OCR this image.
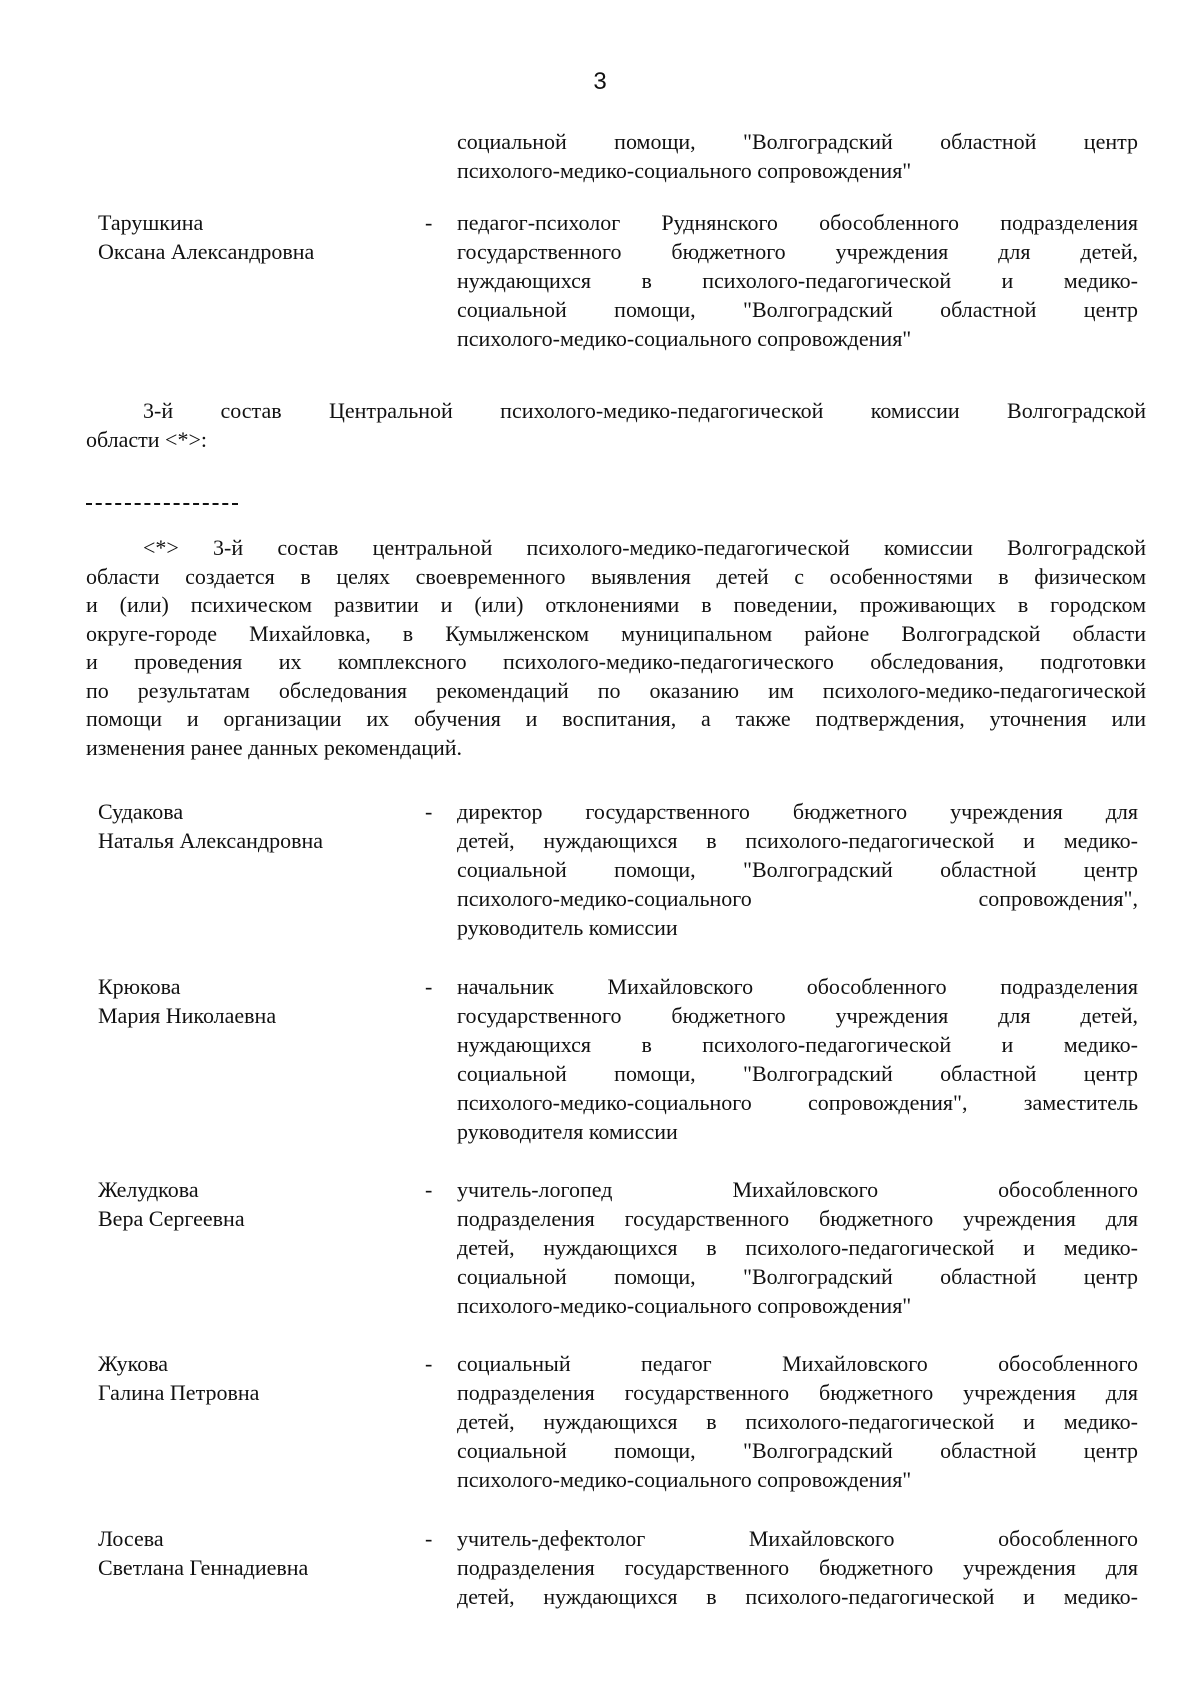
3
социальной помощи, "Волгоградский областной центр
психолого-медико-социального сопровождения"
Тарушкина
Оксана Александровна
- педагог-психолог Руднянского обособленного подразделения
государственного бюджетного учреждения для детей,
нуждающихся в психолого-педагогической и медико-
социальной помощи, "Волгоградский областной центр
психолого-медико-социального сопровождения"
3-й состав Центральной психолого-медико-педагогической комиссии Волгоградской
области <*>:
<*> 3-й состав центральной психолого-медико-педагогической комиссии Волгоградской
области создается в целях своевременного выявления детей с особенностями в физическом
и (или) психическом развитии и (или) отклонениями в поведении, проживающих в городском
округе-городе Михайловка, в Кумылженском муниципальном районе Волгоградской области
и проведения их комплексного психолого-медико-педагогического обследования, подготовки
по результатам обследования рекомендаций по оказанию им психолого-медико-педагогической
помощи и организации их обучения и воспитания, а также подтверждения, уточнения или
изменения ранее данных рекомендаций.
Судакова
Наталья Александровна
- директор государственного бюджетного учреждения для
детей, нуждающихся в психолого-педагогической и медико-
социальной помощи, "Волгоградский областной центр
психолого-медико-социального сопровождения",
руководитель комиссии
Крюкова
Мария Николаевна
- начальник Михайловского обособленного подразделения
государственного бюджетного учреждения для детей,
нуждающихся в психолого-педагогической и медико-
социальной помощи, "Волгоградский областной центр
психолого-медико-социального сопровождения", заместитель
руководителя комиссии
Желудкова
Вера Сергеевна
- учитель-логопед Михайловского обособленного
подразделения государственного бюджетного учреждения для
детей, нуждающихся в психолого-педагогической и медико-
социальной помощи, "Волгоградский областной центр
психолого-медико-социального сопровождения"
Жукова
Галина Петровна
- социальный педагог Михайловского обособленного
подразделения государственного бюджетного учреждения для
детей, нуждающихся в психолого-педагогической и медико-
социальной помощи, "Волгоградский областной центр
психолого-медико-социального сопровождения"
Лосева
Светлана Геннадиевна
- учитель-дефектолог Михайловского обособленного
подразделения государственного бюджетного учреждения для
детей, нуждающихся в психолого-педагогической и медико-
